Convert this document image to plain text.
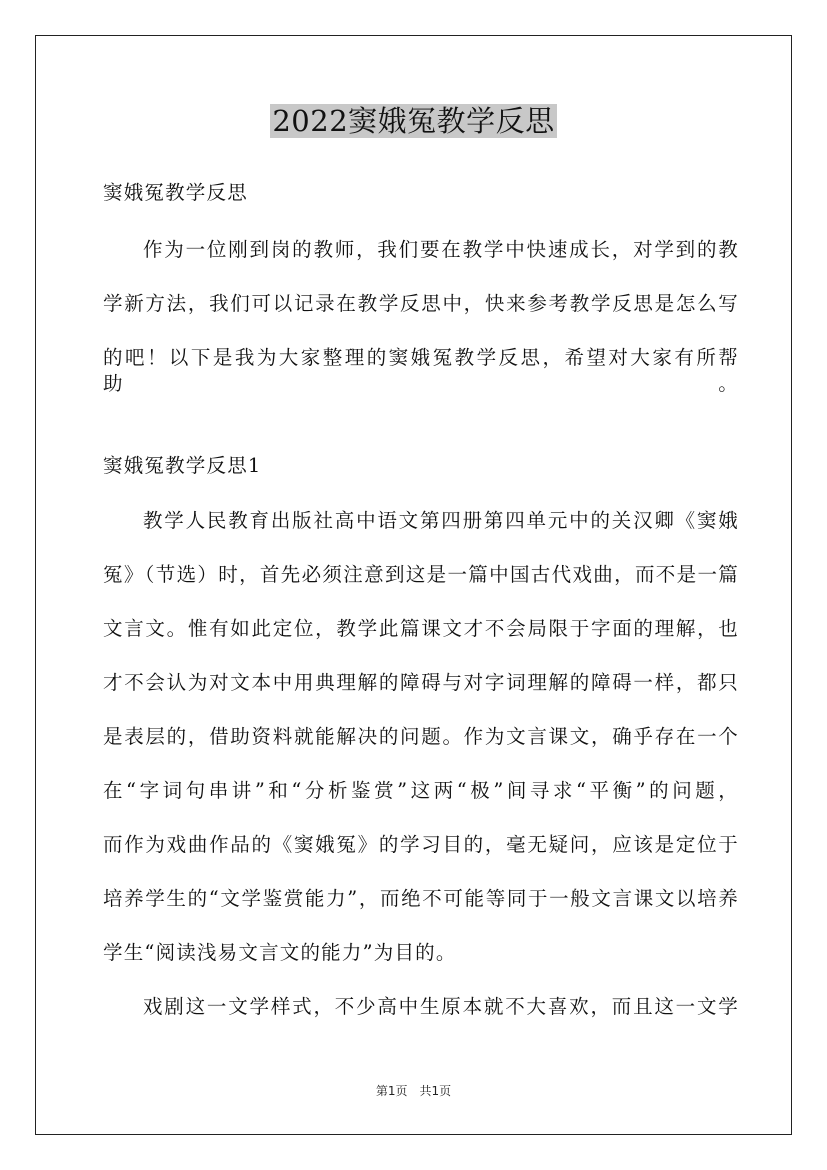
2022窦娥冤教学反思
窦娥冤教学反思
作为一位刚到岗的教师，我们要在教学中快速成长，对学到的教
学新方法，我们可以记录在教学反思中，快来参考教学反思是怎么写
的吧！以下是我为大家整理的窦娥冤教学反思，希望对大家有所帮助。
窦娥冤教学反思1
教学人民教育出版社高中语文第四册第四单元中的关汉卿《窦娥
冤》（节选）时，首先必须注意到这是一篇中国古代戏曲，而不是一篇
文言文。惟有如此定位，教学此篇课文才不会局限于字面的理解，也
才不会认为对文本中用典理解的障碍与对字词理解的障碍一样，都只
是表层的，借助资料就能解决的问题。作为文言课文，确乎存在一个
在“字词句串讲”和“分析鉴赏”这两“极”间寻求“平衡”的问题，
而作为戏曲作品的《窦娥冤》的学习目的，毫无疑问，应该是定位于
培养学生的“文学鉴赏能力”，而绝不可能等同于一般文言课文以培养
学生“阅读浅易文言文的能力”为目的。
戏剧这一文学样式，不少高中生原本就不大喜欢，而且这一文学
第1页　共1页
